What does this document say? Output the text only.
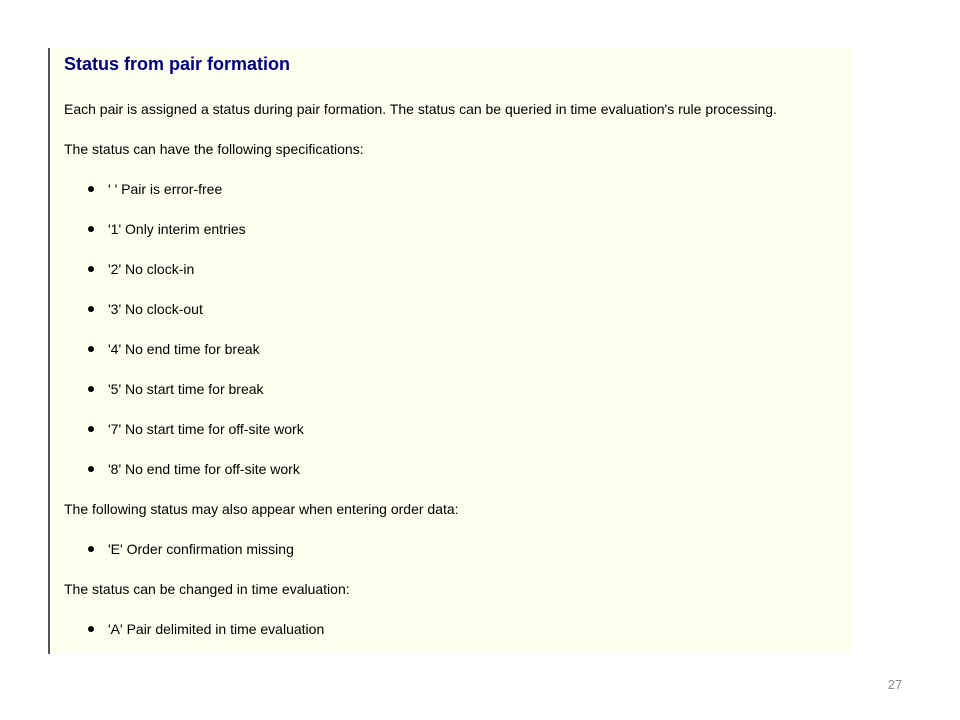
Status from pair formation

Each pair is assigned a status during pair formation. The status can be queried in time evaluation's rule processing.

The status can have the following specifications:

' ' Pair is error-free

'1' Only interim entries

'2' No clock-in

'3' No clock-out

'4' No end time for break

'5' No start time for break

'7' No start time for off-site work

'8' No end time for off-site work

The following status may also appear when entering order data:

'E' Order confirmation missing

The status can be changed in time evaluation:

'A' Pair delimited in time evaluation

27
